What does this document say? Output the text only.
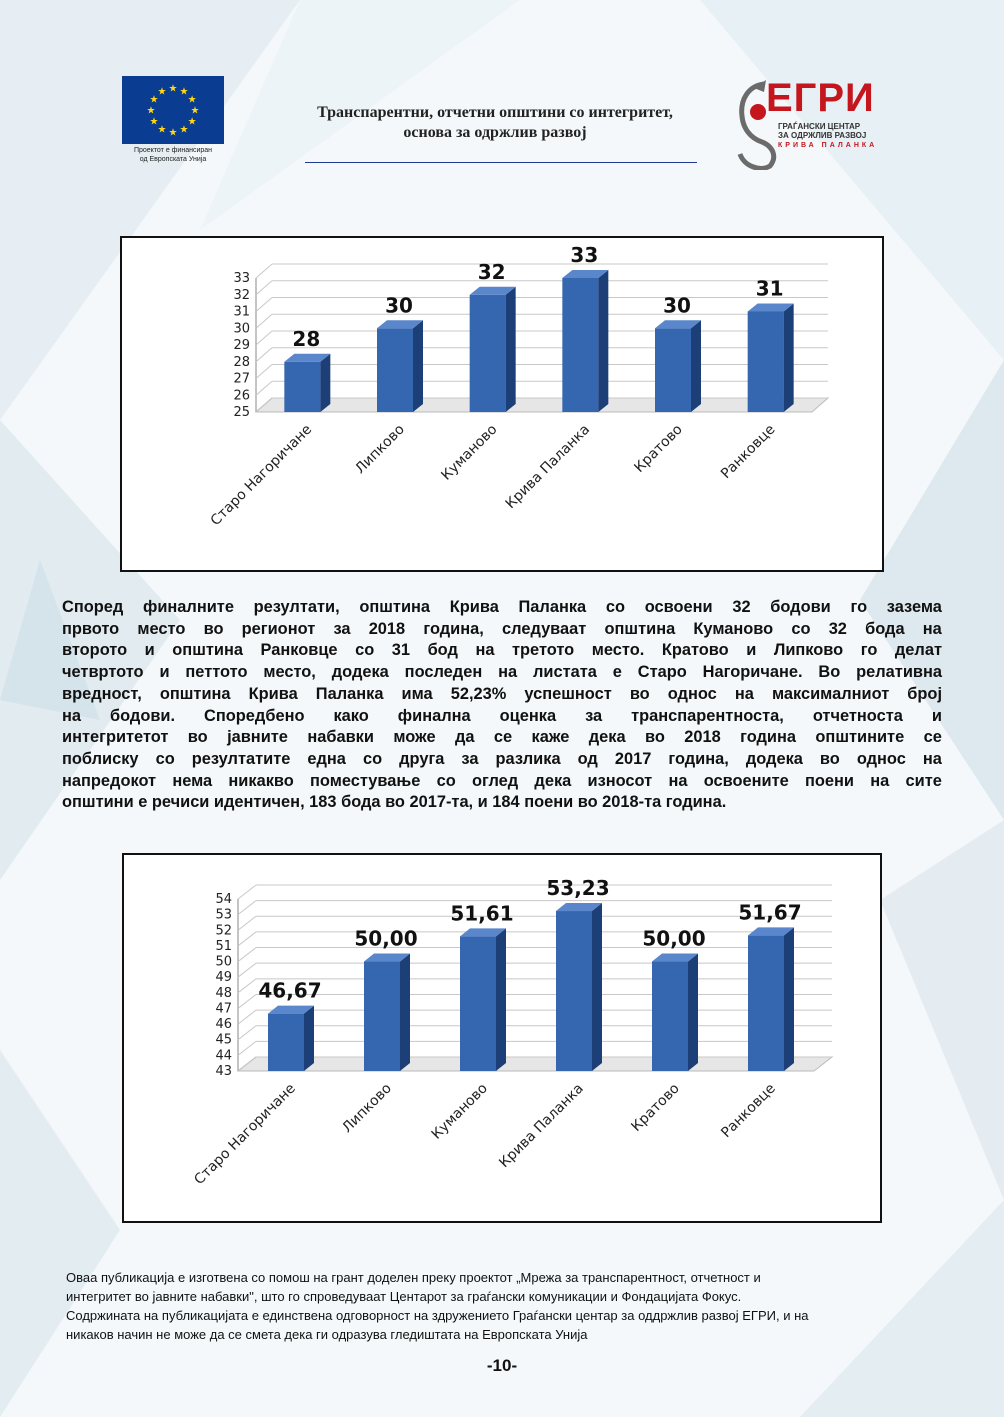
★ ★
★
★
★
★
★
★
★
★
★
★
Проектот е финансиран
од Европската Унија
Транспарентни, отчетни општини со интегритет,
основа за одржлив развој
ЕГРИ
ГРАЃАНСКИ ЦЕНТАР
ЗА ОДРЖЛИВ РАЗВОЈ
КРИВА ПАЛАНКА
25
26
27
28
29
30
31
32
33
28
Старо Нагоричане
30
Липково
32
Куманово
33
Крива Паланка
30
Кратово
31
Ранковце
Според финалните резултати, општина Крива Паланка со освоени 32 бодови го зазема
првото место во регионот за 2018 година, следуваат општина Куманово со 32 бода на
второто и општина Ранковце со 31 бод на третото место. Кратово и Липково го делат
четвртото и петтото место, додека последен на листата е Старо Нагоричане. Во релативна
вредност, општина Крива Паланка има 52,23% успешност во однос на максималниот број
на бодови. Споредбено како финална оценка за транспарентноста, отчетноста и
интегритетот во јавните набавки може да се каже дека во 2018 година општините се
поблиску со резултатите една со друга за разлика од 2017 година, додека во однос на
напредокот нема никакво поместување со оглед дека износот на освоените поени на сите
општини е речиси идентичен, 183 бода во 2017-та, и 184 поени во 2018-та година.
43
44
45
46
47
48
49
50
51
52
53
54
46,67
Старо Нагоричане
50,00
Липково
51,61
Куманово
53,23
Крива Паланка
50,00
Кратово
51,67
Ранковце
Оваа публикација е изготвена со помош на грант доделен преку проектот „Мрежа за транспарентност, отчетност и
интегритет во јавните набавки", што го спроведуваат Центарот за граѓански комуникации и Фондацијата Фокус.
Содржината на публикацијата е единствена одговорност на здружението Граѓански центар за оддржлив развој ЕГРИ, и на
никаков начин не може да се смета дека ги одразува гледиштата на Европската Унија
-10-
